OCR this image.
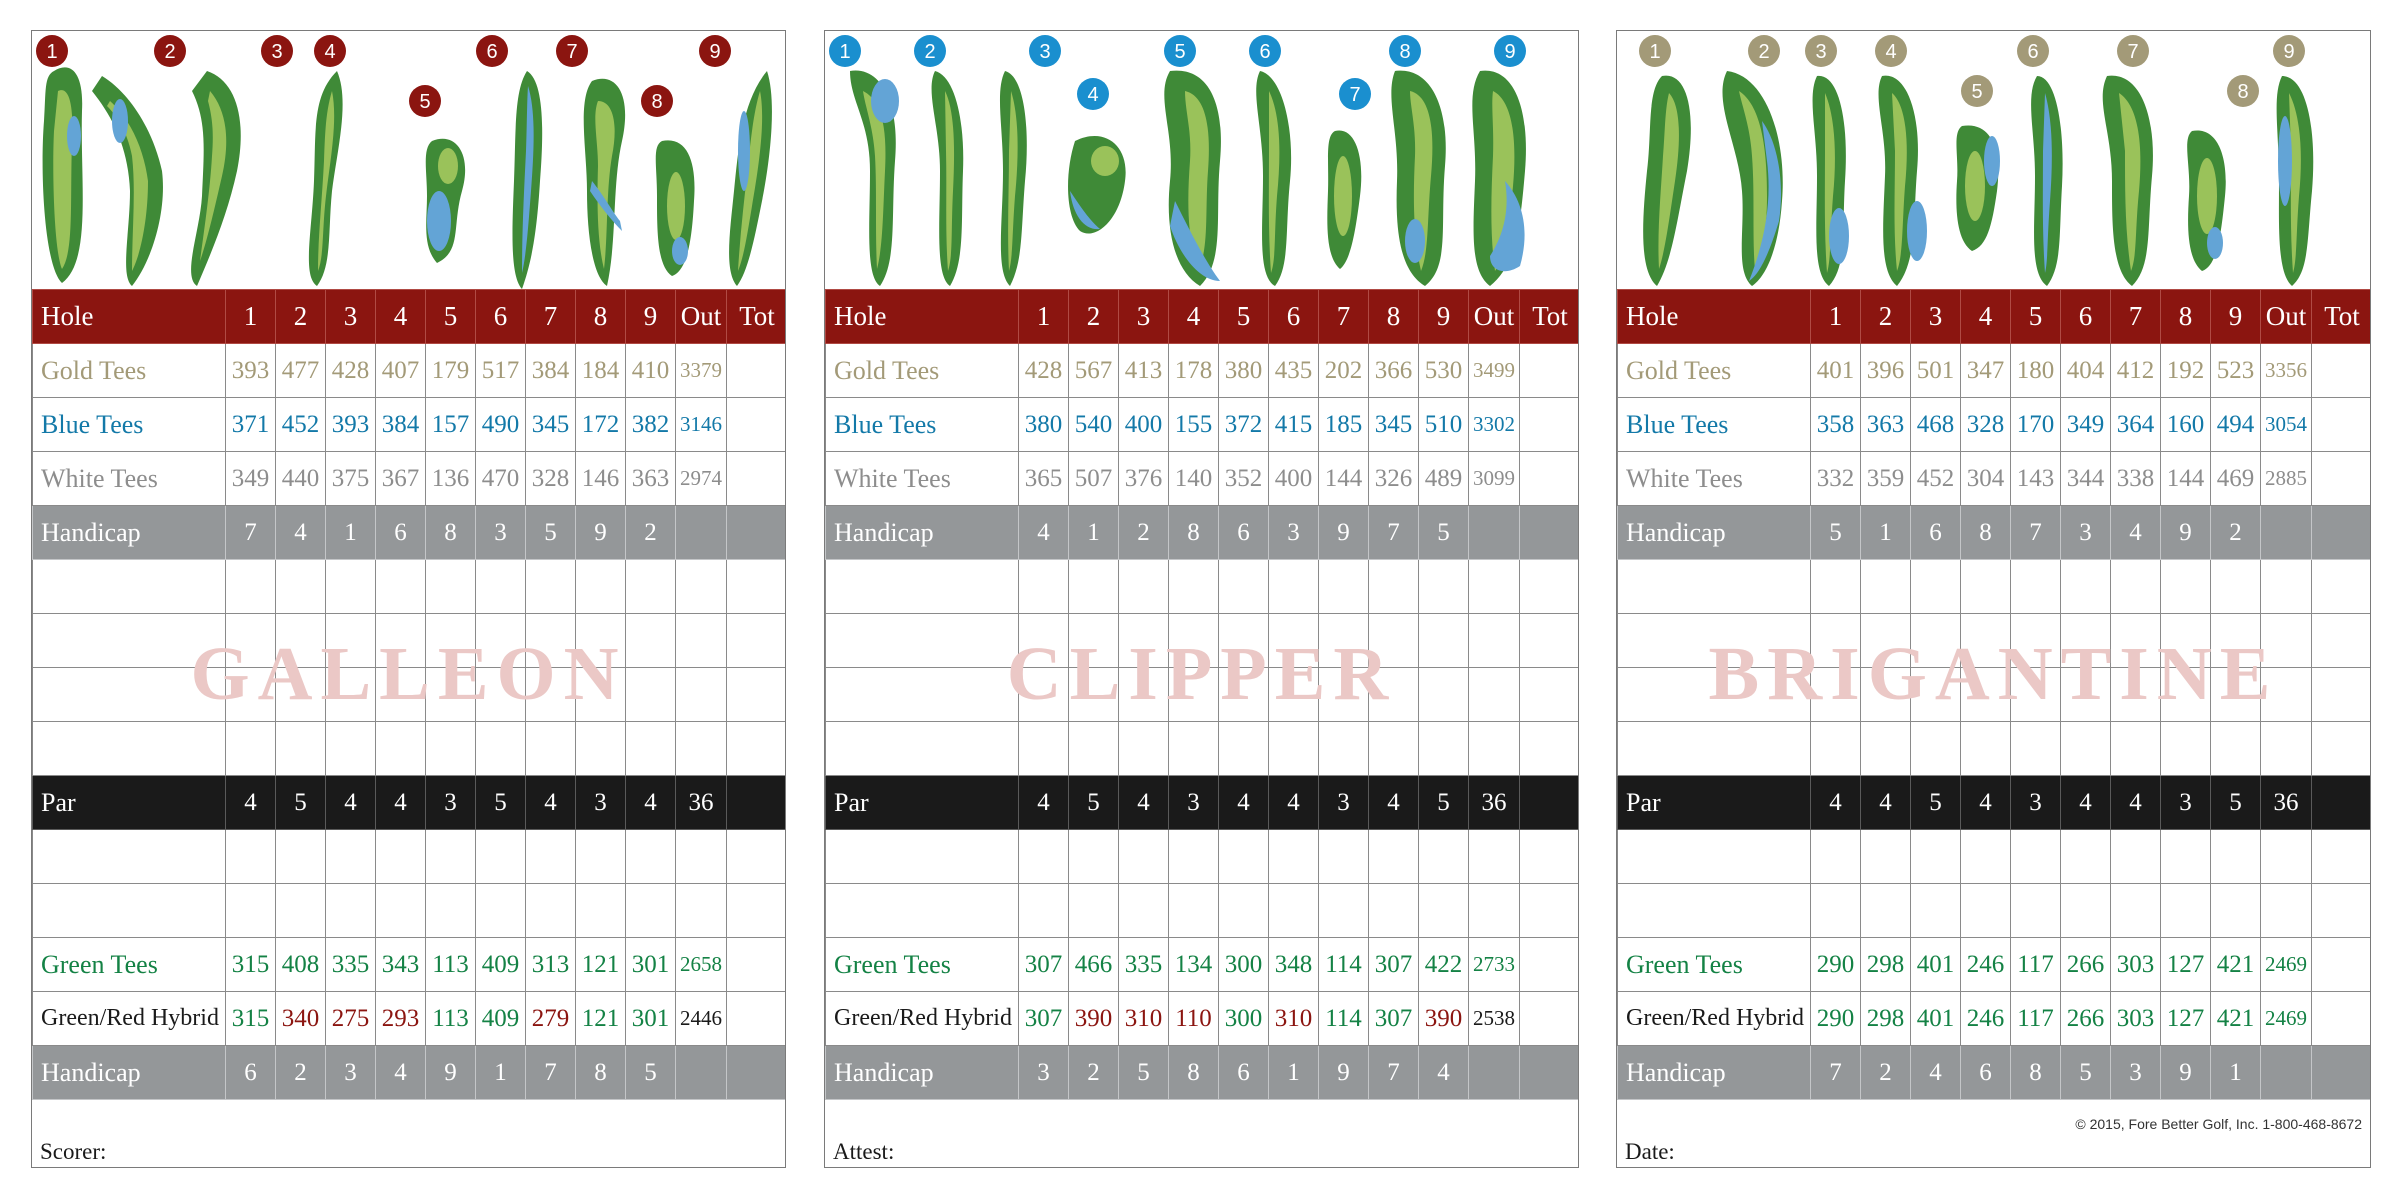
1	2	3 4
5
6	7
8
9
Hole	1	2	3	4	5	6	7	8	9	Out	Tot
Gold Tees	393	477	428	407	179	517	384	184	410	3379	
Blue Tees	371	452	393	384	157	490	345	172	382	3146	
White Tees	349	440	375	367	136	470	328	146	363	2974	
Handicap	7	4	1	6	8	3	5	9	2		

Par	4	5	4	4	3	5	4	3	4	36	

Green Tees	315	408	335	343	113	409	313	121	301	2658	
Green/Red Hybrid	315	340	275	293	113	409	279	121	301	2446	
Handicap	6	2	3	4	9	1	7	8	5		
GALLEON
Scorer:
1	2	3
4
5	6
7
8	9
Hole	1	2	3	4	5	6	7	8	9	Out	Tot
Gold Tees	428	567	413	178	380	435	202	366	530	3499	
Blue Tees	380	540	400	155	372	415	185	345	510	3302	
White Tees	365	507	376	140	352	400	144	326	489	3099	
Handicap	4	1	2	8	6	3	9	7	5		

Par	4	5	4	3	4	4	3	4	5	36	

Green Tees	307	466	335	134	300	348	114	307	422	2733	
Green/Red Hybrid	307	390	310	110	300	310	114	307	390	2538	
Handicap	3	2	5	8	6	1	9	7	4		
CLIPPER
Attest:
1	2 3	4
5
6	7
8
9
Hole	1	2	3	4	5	6	7	8	9	Out	Tot
Gold Tees	401	396	501	347	180	404	412	192	523	3356	
Blue Tees	358	363	468	328	170	349	364	160	494	3054	
White Tees	332	359	452	304	143	344	338	144	469	2885	
Handicap	5	1	6	8	7	3	4	9	2		

Par	4	4	5	4	3	4	4	3	5	36	

Green Tees	290	298	401	246	117	266	303	127	421	2469	
Green/Red Hybrid	290	298	401	246	117	266	303	127	421	2469	
Handicap	7	2	4	6	8	5	3	9	1		
BRIGANTINE
© 2015, Fore Better Golf, Inc. 1-800-468-8672
Date:
